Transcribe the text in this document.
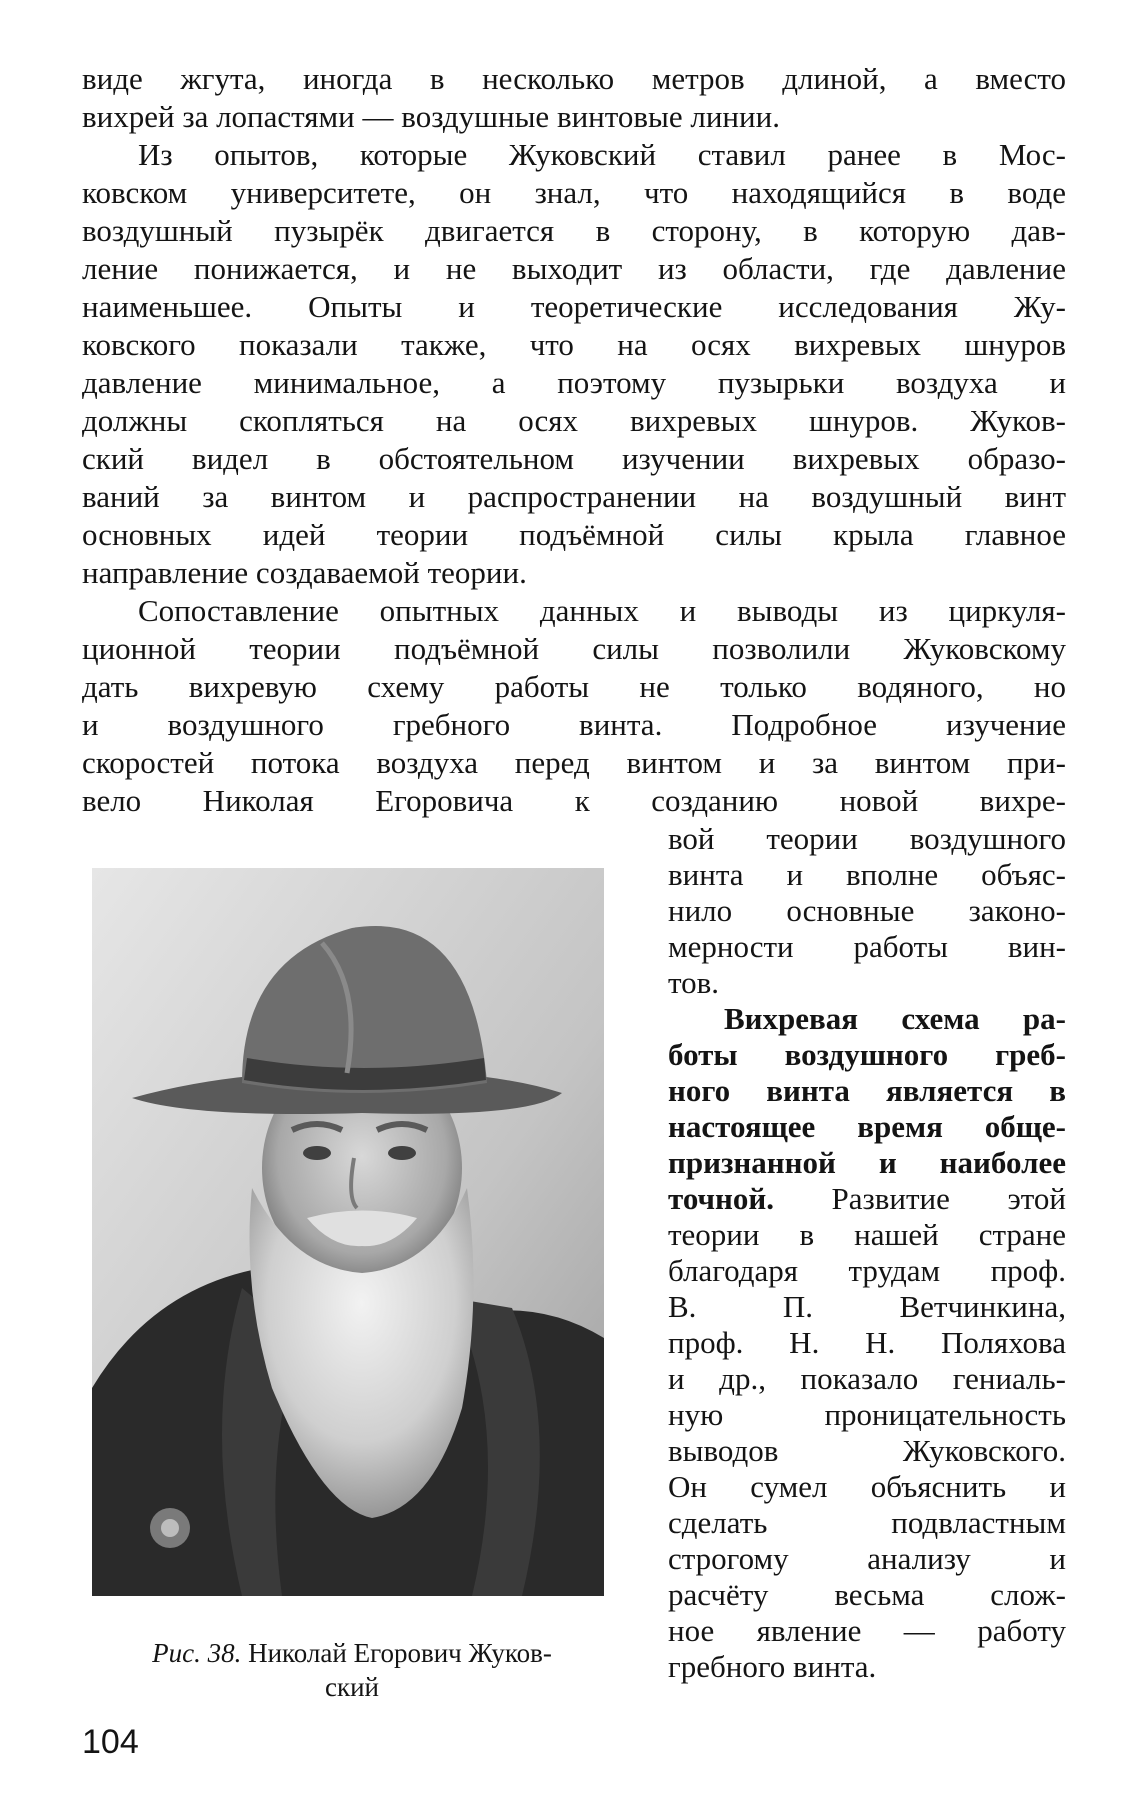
виде жгута, иногда в несколько метров длиной, а вместо
вихрей за лопастями — воздушные винтовые линии.
Из опытов, которые Жуковский ставил ранее в Мос-
ковском университете, он знал, что находящийся в воде
воздушный пузырёк двигается в сторону, в которую дав-
ление понижается, и не выходит из области, где давление
наименьшее. Опыты и теоретические исследования Жу-
ковского показали также, что на осях вихревых шнуров
давление минимальное, а поэтому пузырьки воздуха и
должны скопляться на осях вихревых шнуров. Жуков-
ский видел в обстоятельном изучении вихревых образо-
ваний за винтом и распространении на воздушный винт
основных идей теории подъёмной силы крыла главное
направление создаваемой теории.
Сопоставление опытных данных и выводы из циркуля-
ционной теории подъёмной силы позволили Жуковскому
дать вихревую схему работы не только водяного, но
и воздушного гребного винта. Подробное изучение
скоростей потока воздуха перед винтом и за винтом при-
вело Николая Егоровича к созданию новой вихре-
вой теории воздушного
винта и вполне объяс-
нило основные законо-
мерности работы вин-
тов.
Вихревая схема ра-
боты воздушного греб-
ного винта является в
настоящее время обще-
признанной и наиболее
точной. Развитие этой
теории в нашей стране
благодаря трудам проф.
В. П. Ветчинкина,
проф. Н. Н. Поляхова
и др., показало гениаль-
ную проницательность
выводов Жуковского.
Он сумел объяснить и
сделать подвластным
строгому анализу и
расчёту весьма слож-
ное явление — работу
гребного винта.
Рис. 38. Николай Егорович Жуков-
ский
104
